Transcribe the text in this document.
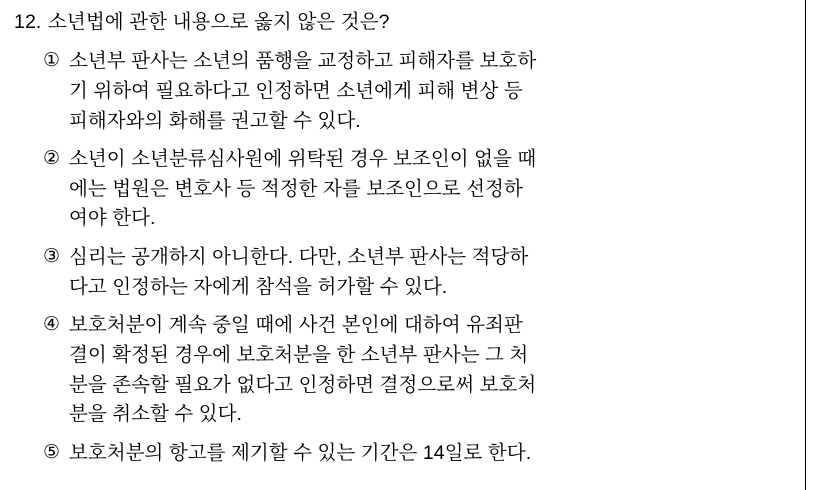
12. 소년법에 관한 내용으로 옳지 않은 것은?
① 소년부 판사는 소년의 품행을 교정하고 피해자를 보호하

기 위하여 필요하다고 인정하면 소년에게 피해 변상 등

피해자와의 화해를 권고할 수 있다.

② 소년이 소년분류심사원에 위탁된 경우 보조인이 없을 때

에는 법원은 변호사 등 적정한 자를 보조인으로 선정하

여야 한다.

③ 심리는 공개하지 아니한다. 다만, 소년부 판사는 적당하

다고 인정하는 자에게 참석을 허가할 수 있다.

④ 보호처분이 계속 중일 때에 사건 본인에 대하여 유죄판

결이 확정된 경우에 보호처분을 한 소년부 판사는 그 처

분을 존속할 필요가 없다고 인정하면 결정으로써 보호처

분을 취소할 수 있다.

⑤ 보호처분의 항고를 제기할 수 있는 기간은 14일로 한다.
